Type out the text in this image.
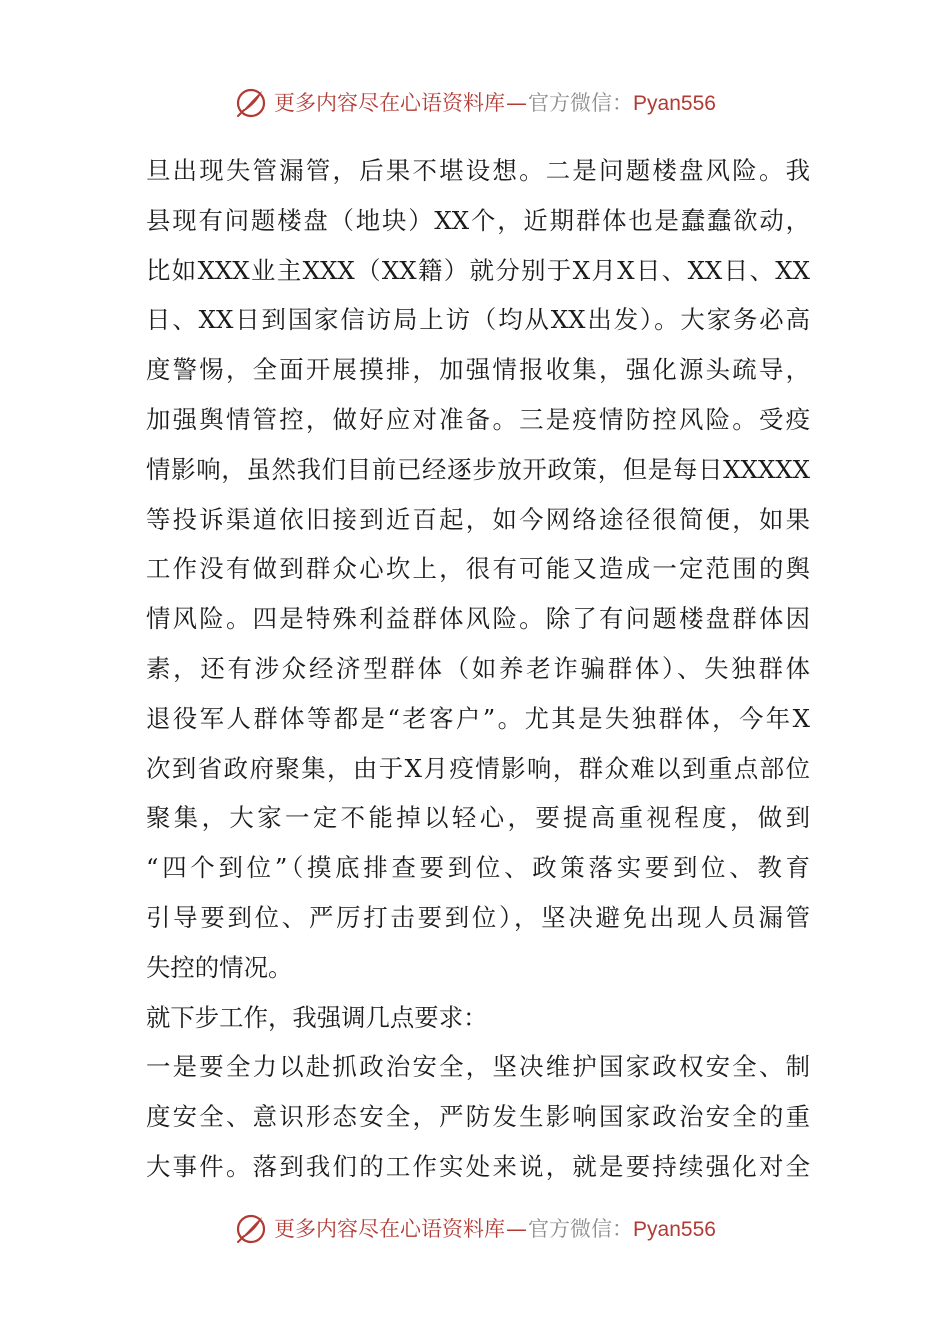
更多内容尽在心语资料库 — 官方微信： Pyan556
旦出现失管漏管，后果不堪设想。二是问题楼盘风险。我
县现有问题楼盘（地块）XX个，近期群体也是蠢蠢欲动，
比如XXX业主XXX（XX籍）就分别于X月X日、XX日、XX
日、XX日到国家信访局上访（均从XX出发）。大家务必高
度警惕，全面开展摸排，加强情报收集，强化源头疏导，
加强舆情管控，做好应对准备。三是疫情防控风险。受疫
情影响，虽然我们目前已经逐步放开政策，但是每日XXXXX
等投诉渠道依旧接到近百起，如今网络途径很简便，如果
工作没有做到群众心坎上，很有可能又造成一定范围的舆
情风险。四是特殊利益群体风险。除了有问题楼盘群体因
素，还有涉众经济型群体（如养老诈骗群体）、失独群体
退役军人群体等都是“老客户”。尤其是失独群体，今年X
次到省政府聚集，由于X月疫情影响，群众难以到重点部位
聚集，大家一定不能掉以轻心，要提高重视程度，做到
“四个到位”（摸底排查要到位、政策落实要到位、教育
引导要到位、严厉打击要到位），坚决避免出现人员漏管
失控的情况。
就下步工作，我强调几点要求：
一是要全力以赴抓政治安全，坚决维护国家政权安全、制
度安全、意识形态安全，严防发生影响国家政治安全的重
大事件。落到我们的工作实处来说，就是要持续强化对全
更多内容尽在心语资料库 — 官方微信： Pyan556
